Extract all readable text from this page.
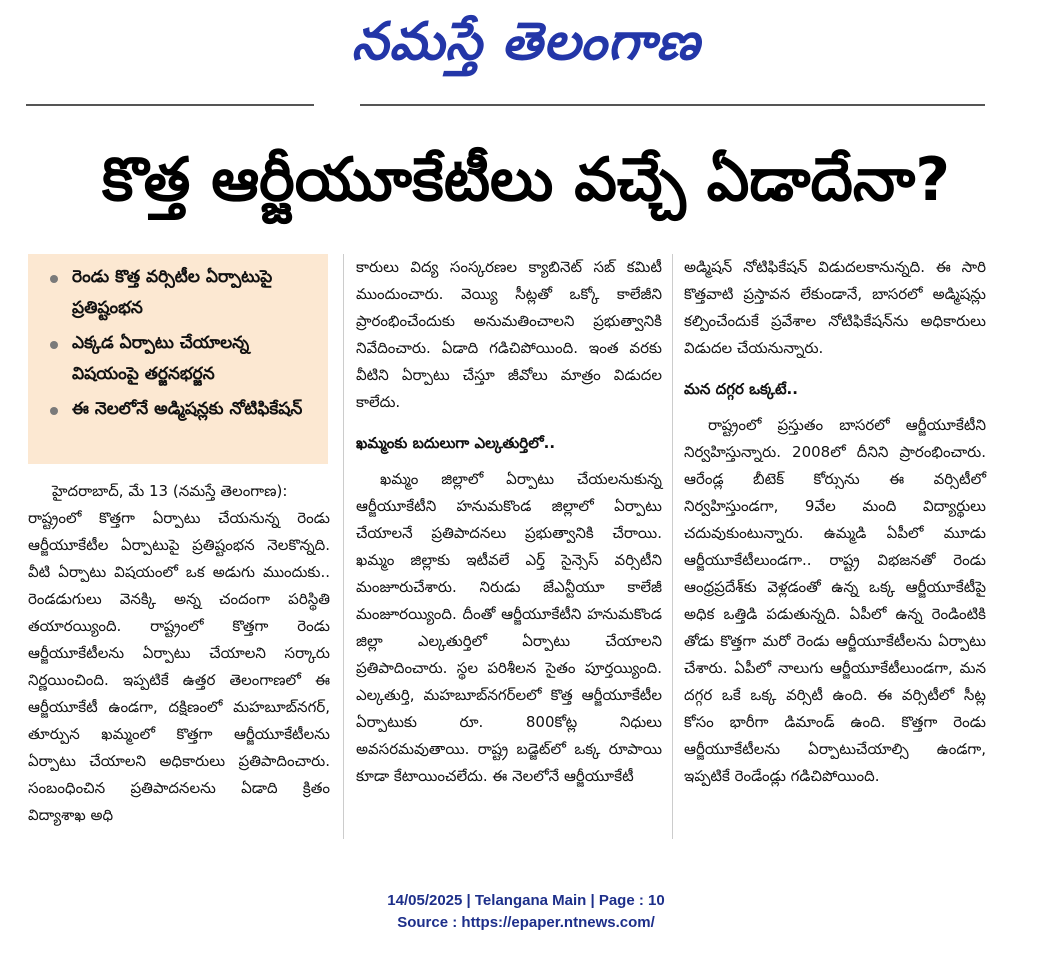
నమస్తే తెలంగాణ
కొత్త ఆర్జీయూకేటీలు వచ్చే ఏడాదేనా?
రెండు కొత్త వర్సిటీల ఏర్పాటుపై ప్రతిష్టంభన
ఎక్కడ ఏర్పాటు చేయాలన్న విషయంపై తర్జనభర్జన
ఈ నెలలోనే అడ్మిషన్లకు నోటిఫికేషన్
హైదరాబాద్, మే 13 (నమస్తే తెలంగాణ):
రాష్ట్రంలో కొత్తగా ఏర్పాటు చేయనున్న రెండు ఆర్జీయూకేటీల ఏర్పాటుపై ప్రతిష్టంభన నెలకొన్నది. వీటి ఏర్పాటు విషయంలో ఒక అడుగు ముందుకు.. రెండడుగులు వెనక్కి అన్న చందంగా పరిస్థితి తయారయ్యింది. రాష్ట్రంలో కొత్తగా రెండు ఆర్జీయూకేటీలను ఏర్పాటు చేయాలని సర్కారు నిర్ణయించింది. ఇప్పటికే ఉత్తర తెలంగాణలో ఈ ఆర్జీయూకేటీ ఉండగా, దక్షిణంలో మహబూబ్‌నగర్, తూర్పున ఖమ్మంలో కొత్తగా ఆర్జీయూకేటీలను ఏర్పాటు చేయాలని అధికారులు ప్రతిపాదించారు. సంబంధించిన ప్రతిపాదనలను ఏడాది క్రితం విద్యాశాఖ అధి
కారులు విద్య సంస్కరణల క్యాబినెట్ సబ్ కమిటీ ముందుంచారు. వెయ్యి సీట్లతో ఒక్కో కాలేజీని ప్రారంభించేందుకు అనుమతించాలని ప్రభుత్వానికి నివేదించారు. ఏడాది గడిచిపోయింది. ఇంత వరకు వీటిని ఏర్పాటు చేస్తూ జీవోలు మాత్రం విడుదల కాలేదు.
ఖమ్మంకు బదులుగా ఎల్కతుర్తిలో..
ఖమ్మం జిల్లాలో ఏర్పాటు చేయలనుకున్న ఆర్జీయూకేటీని హనుమకొండ జిల్లాలో ఏర్పాటు చేయాలనే ప్రతిపాదనలు ప్రభుత్వానికి చేరాయి. ఖమ్మం జిల్లాకు ఇటీవలే ఎర్త్ సైన్సెస్ వర్సిటీని మంజూరుచేశారు. నిరుడు జేఎన్టీయూ కాలేజీ మంజూరయ్యింది. దీంతో ఆర్జీయూకేటీని హనుమకొండ జిల్లా ఎల్కతుర్తిలో ఏర్పాటు చేయాలని ప్రతిపాదించారు. స్థల పరిశీలన సైతం పూర్తయ్యింది. ఎల్కతుర్తి, మహబూబ్‌నగర్‌లలో కొత్త ఆర్జీయూకేటీల ఏర్పాటుకు రూ. 800కోట్ల నిధులు అవసరమవుతాయి. రాష్ట్ర బడ్జెట్‌లో ఒక్క రూపాయి కూడా కేటాయించలేదు. ఈ నెలలోనే ఆర్జీయూకేటీ
అడ్మిషన్ నోటిఫికేషన్ విడుదలకానున్నది. ఈ సారి కొత్తవాటి ప్రస్తావన లేకుండానే, బాసరలో అడ్మిషన్లు కల్పించేందుకే ప్రవేశాల నోటిఫికేషన్‌ను అధికారులు విడుదల చేయనున్నారు.
మన దగ్గర ఒక్కటే..
రాష్ట్రంలో ప్రస్తుతం బాసరలో ఆర్జీయూకేటీని నిర్వహిస్తున్నారు. 2008లో దీనిని ప్రారంభించారు. ఆరేండ్ల బీటెక్ కోర్సును ఈ వర్సిటీలో నిర్వహిస్తుండగా, 9వేల మంది విద్యార్థులు చదువుకుంటున్నారు. ఉమ్మడి ఏపీలో మూడు ఆర్జీయూకేటీలుండగా.. రాష్ట్ర విభజనతో రెండు ఆంధ్రప్రదేశ్‌కు వెళ్లడంతో ఉన్న ఒక్క ఆర్జీయూకేటీపై అధిక ఒత్తిడి పడుతున్నది. ఏపీలో ఉన్న రెండింటికి తోడు కొత్తగా మరో రెండు ఆర్జీయూకేటీలను ఏర్పాటు చేశారు. ఏపీలో నాలుగు ఆర్జీయూకేటీలుండగా, మన దగ్గర ఒకే ఒక్క వర్సిటీ ఉంది. ఈ వర్సిటీలో సీట్ల కోసం భారీగా డిమాండ్ ఉంది. కొత్తగా రెండు ఆర్జీయూకేటీలను ఏర్పాటుచేయాల్సి ఉండగా, ఇప్పటికే రెండేండ్లు గడిచిపోయింది.
14/05/2025 | Telangana Main | Page : 10
Source : https://epaper.ntnews.com/
